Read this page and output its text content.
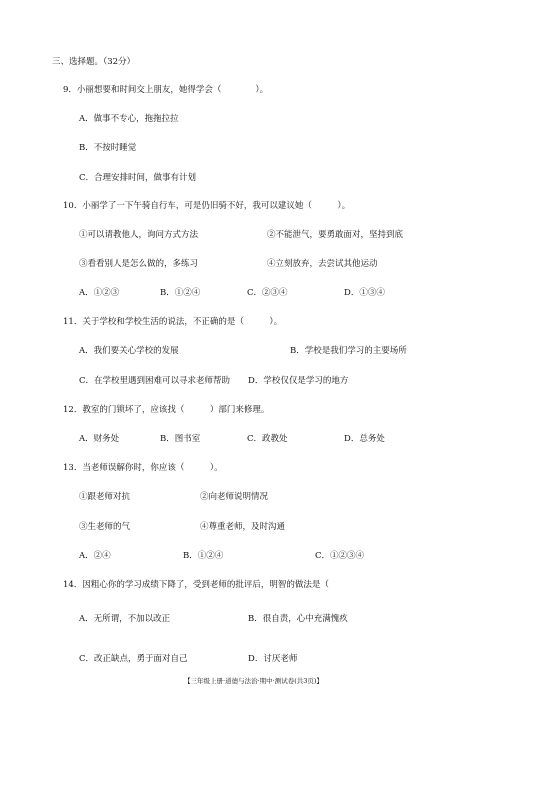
三、选择题。（32分）
9．小丽想要和时间交上朋友，她得学会（　　　　）。
A．做事不专心，拖拖拉拉
B．不按时睡觉
C．合理安排时间，做事有计划
10．小丽学了一下午骑自行车，可是仍旧骑不好，我可以建议她（　　　）。
①可以请教他人，询问方式方法	②不能泄气，要勇敢面对，坚持到底
③看看别人是怎么做的，多练习	④立刻放弃，去尝试其他运动
A．①②③	B．①②④	C．②③④	D．①③④
11．关于学校和学校生活的说法，不正确的是（　　　）。
A．我们要关心学校的发展	B．学校是我们学习的主要场所
C．在学校里遇到困难可以寻求老师帮助 D．学校仅仅是学习的地方
12．教室的门锁坏了，应该找（　　　）部门来修理。
A．财务处	B．图书室	C．政教处	D．总务处
13．当老师误解你时，你应该（　　　）。
①跟老师对抗	②向老师说明情况
③生老师的气	④尊重老师，及时沟通
A．②④	B．①②④	C．①②③④
14．因粗心你的学习成绩下降了，受到老师的批评后，明智的做法是（
A．无所谓，不加以改正	B．很自责，心中充满愧疚
C．改正缺点，勇于面对自己	D．讨厌老师
【三年级上册·道德与法治·期中·测试卷(共3页)】
